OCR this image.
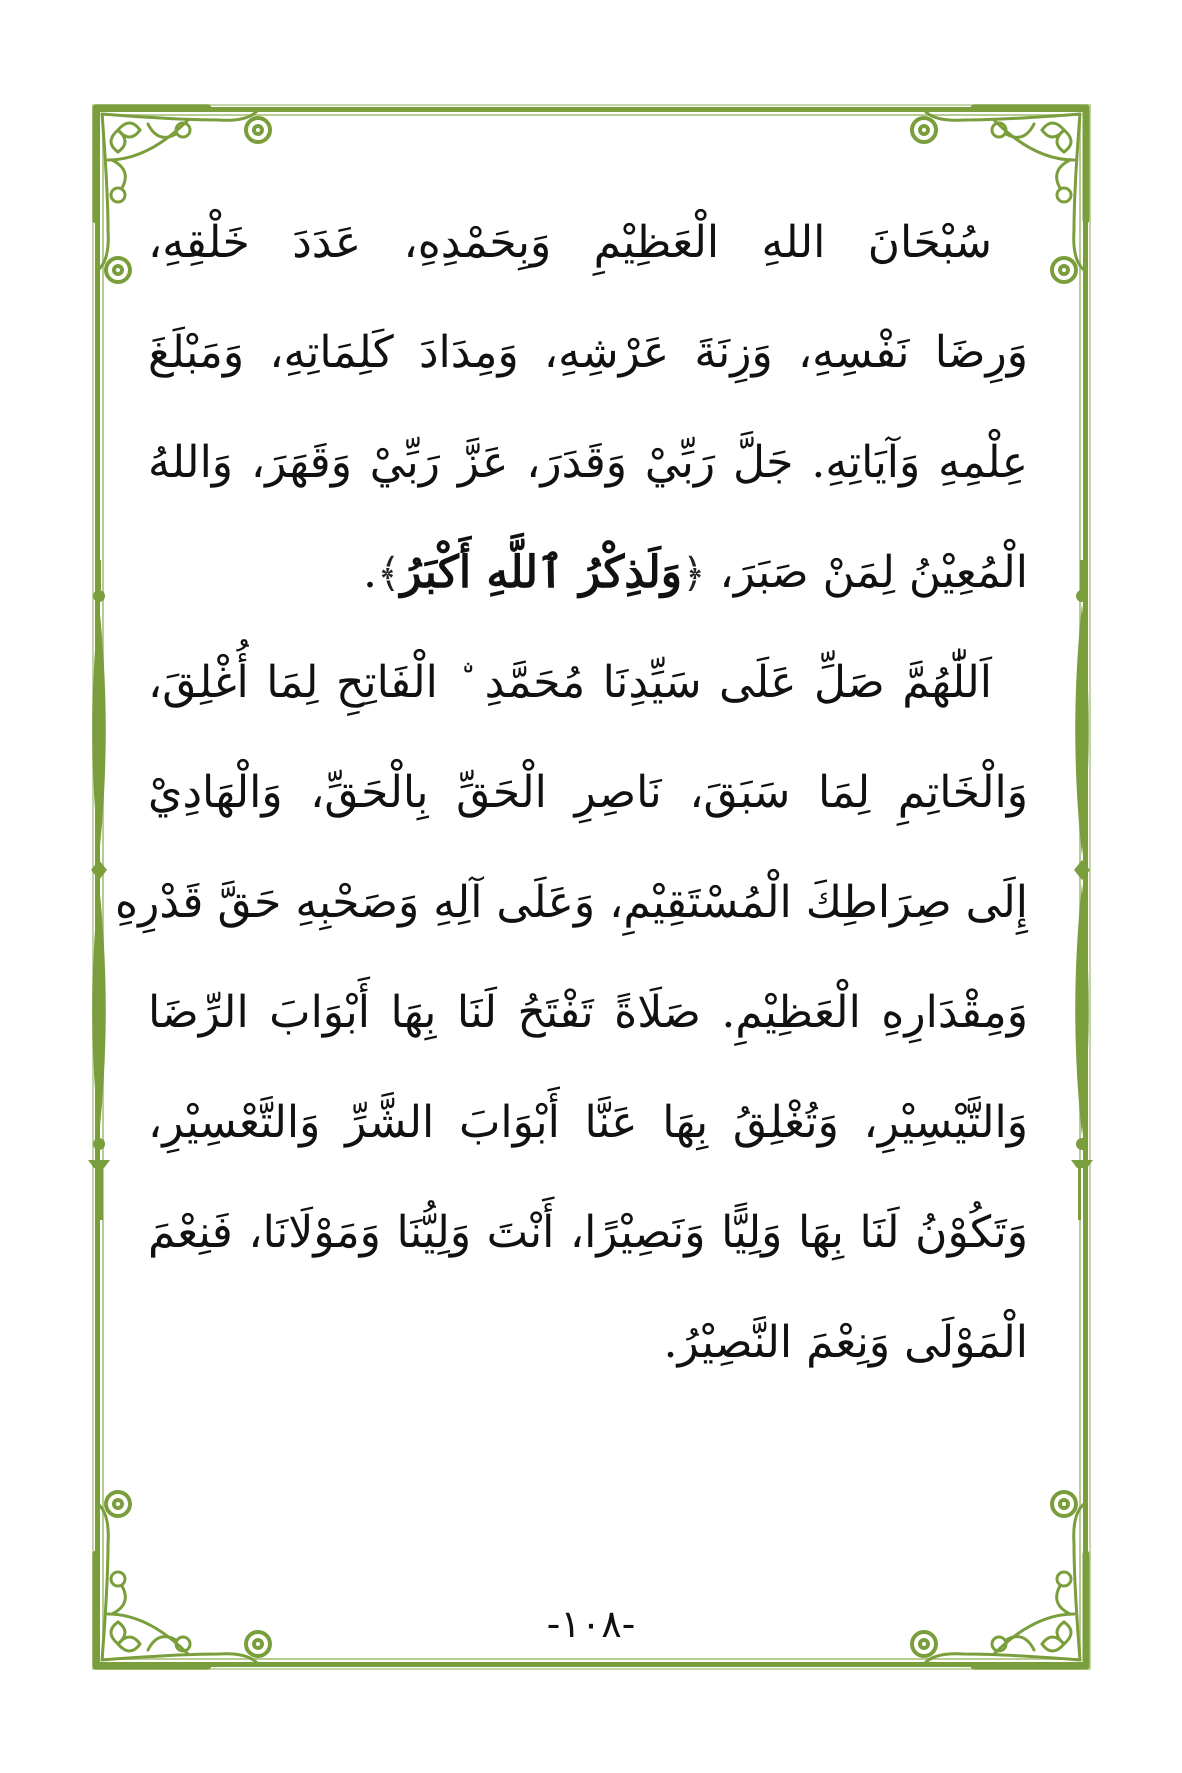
سُبْحَانَ اللهِ الْعَظِيْمِ وَبِحَمْدِهِ، عَدَدَ خَلْقِهِ،
وَرِضَا نَفْسِهِ، وَزِنَةَ عَرْشِهِ، وَمِدَادَ كَلِمَاتِهِ، وَمَبْلَغَ
عِلْمِهِ وَآيَاتِهِ. جَلَّ رَبِّيْ وَقَدَرَ، عَزَّ رَبِّيْ وَقَهَرَ، وَاللهُ
الْمُعِيْنُ لِمَنْ صَبَرَ، ﴿وَلَذِكْرُ ٱللَّهِ أَكْبَرُ﴾.
اَللّٰهُمَّ صَلِّ عَلَى سَيِّدِنَا مُحَمَّدِ ۨ الْفَاتِحِ لِمَا أُغْلِقَ،
وَالْخَاتِمِ لِمَا سَبَقَ، نَاصِرِ الْحَقِّ بِالْحَقِّ، وَالْهَادِيْ
إِلَى صِرَاطِكَ الْمُسْتَقِيْمِ، وَعَلَى آلِهِ وَصَحْبِهِ حَقَّ قَدْرِهِ
وَمِقْدَارِهِ الْعَظِيْمِ. صَلَاةً تَفْتَحُ لَنَا بِهَا أَبْوَابَ الرِّضَا
وَالتَّيْسِيْرِ، وَتُغْلِقُ بِهَا عَنَّا أَبْوَابَ الشَّرِّ وَالتَّعْسِيْرِ،
وَتَكُوْنُ لَنَا بِهَا وَلِيًّا وَنَصِيْرًا، أَنْتَ وَلِيُّنَا وَمَوْلَانَا، فَنِعْمَ
الْمَوْلَى وَنِعْمَ النَّصِيْرُ.
-١٠٨-
